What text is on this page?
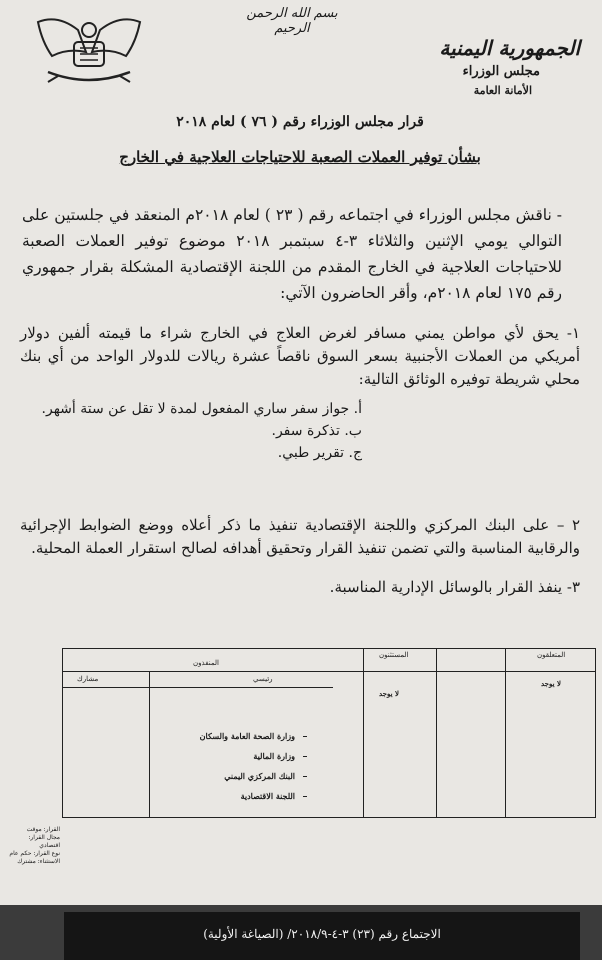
بسم الله الرحمن الرحيم
الجمهورية اليمنية
مجلس الوزراء
الأمانة العامة
قرار مجلس الوزراء رقم ( ٧٦ ) لعام ٢٠١٨
بشأن توفير العملات الصعبة للاحتياجات العلاجية في الخارج
- ناقش مجلس الوزراء في اجتماعه رقم ( ٢٣ ) لعام ٢٠١٨م المنعقد في جلستين على التوالي يومي الإثنين والثلاثاء ٣-٤ سبتمبر ٢٠١٨ موضوع توفير العملات الصعبة للاحتياجات العلاجية في الخارج المقدم من اللجنة الإقتصادية المشكلة بقرار جمهوري رقم ١٧٥ لعام ٢٠١٨م، وأقر الحاضرون الآتي:
١- يحق لأي مواطن يمني مسافر لغرض العلاج في الخارج شراء ما قيمته ألفين دولار أمريكي من العملات الأجنبية بسعر السوق ناقصاً عشرة ريالات للدولار الواحد من أي بنك محلي شريطة توفيره الوثائق التالية:
أ. جواز سفر ساري المفعول لمدة لا تقل عن ستة أشهر.
ب. تذكرة سفر.
ج. تقرير طبي.
٢ – على البنك المركزي واللجنة الإقتصادية تنفيذ ما ذكر أعلاه ووضع الضوابط الإجرائية والرقابية المناسبة والتي تضمن تنفيذ القرار وتحقيق أهدافه لصالح استقرار العملة المحلية.
٣- ينفذ القرار بالوسائل الإدارية المناسبة.
المتعلقون
المستثنون
المنفذون
لا يوجد
لا يوجد
رئيسي
مشارك
وزارة الصحة العامة والسكان
وزارة المالية
البنك المركزي اليمني
اللجنة الاقتصادية
القرار: موقت
مجال القرار: اقتصادي
نوع القرار: حكم عام
الاستثناء: مشترك
الاجتماع رقم (٢٣) ٣-٤-٢٠١٨/٩/ (الصياغة الأولية)
